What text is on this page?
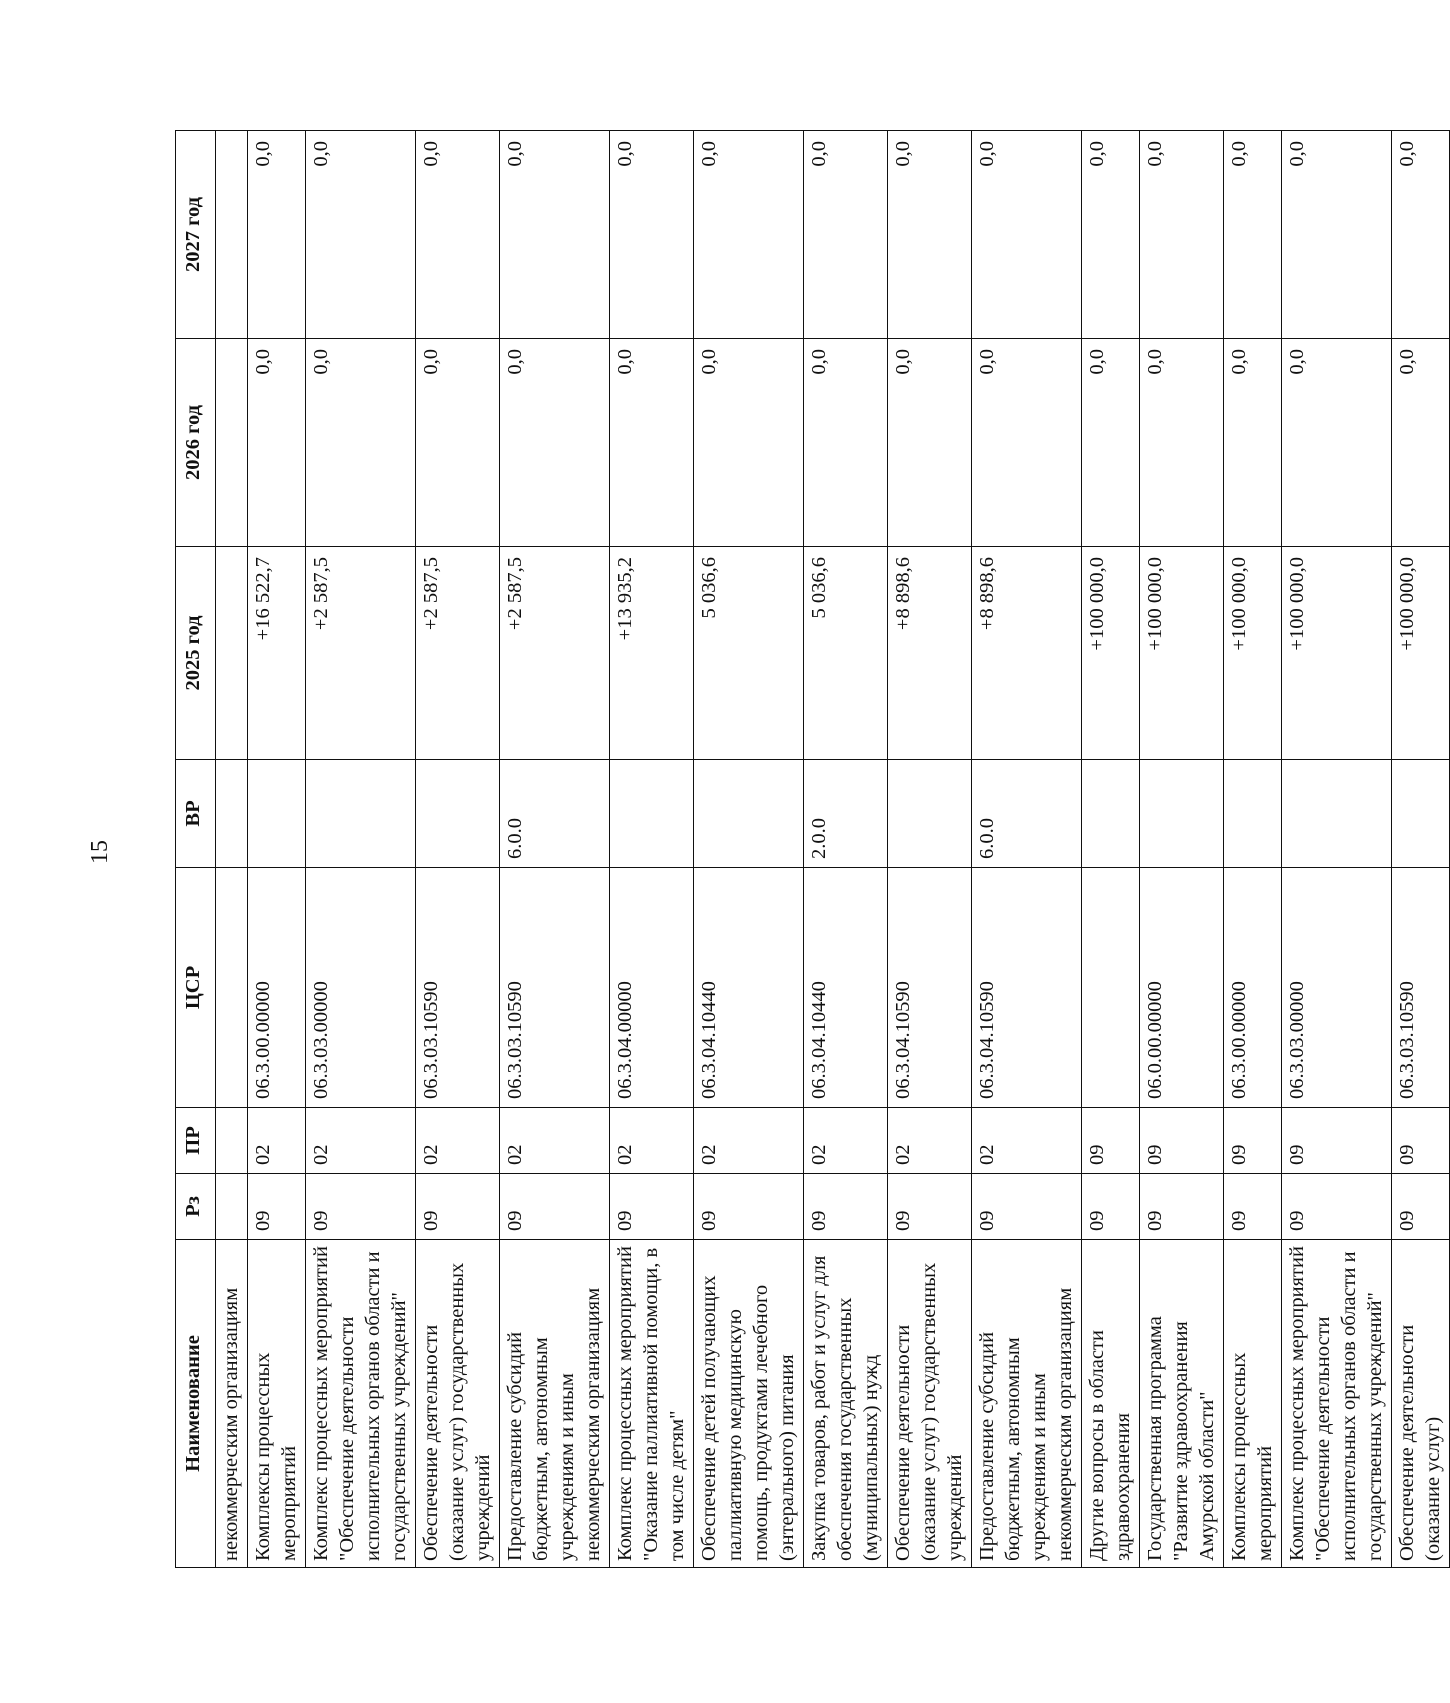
15
Наименование	Рз	ПР	ЦСР	ВР	2025 год	2026 год	2027 год
некоммерческим организациям							
Комплексы процессных мероприятий	09	02	06.3.00.00000		+16 522,7	0,0	0,0
Комплекс процессных мероприятий "Обеспечение деятельности исполнительных органов области и государственных учреждений"	09	02	06.3.03.00000		+2 587,5	0,0	0,0
Обеспечение деятельности (оказание услуг) государственных учреждений	09	02	06.3.03.10590		+2 587,5	0,0	0,0
Предоставление субсидий бюджетным, автономным учреждениям и иным некоммерческим организациям	09	02	06.3.03.10590	6.0.0	+2 587,5	0,0	0,0
Комплекс процессных мероприятий "Оказание паллиативной помощи, в том числе детям"	09	02	06.3.04.00000		+13 935,2	0,0	0,0
Обеспечение детей получающих паллиативную медицинскую помощь, продуктами лечебного (энтерального) питания	09	02	06.3.04.10440		5 036,6	0,0	0,0
Закупка товаров, работ и услуг для обеспечения государственных (муниципальных) нужд	09	02	06.3.04.10440	2.0.0	5 036,6	0,0	0,0
Обеспечение деятельности (оказание услуг) государственных учреждений	09	02	06.3.04.10590		+8 898,6	0,0	0,0
Предоставление субсидий бюджетным, автономным учреждениям и иным некоммерческим организациям	09	02	06.3.04.10590	6.0.0	+8 898,6	0,0	0,0
Другие вопросы в области здравоохранения	09	09			+100 000,0	0,0	0,0
Государственная программа "Развитие здравоохранения Амурской области"	09	09	06.0.00.00000		+100 000,0	0,0	0,0
Комплексы процессных мероприятий	09	09	06.3.00.00000		+100 000,0	0,0	0,0
Комплекс процессных мероприятий "Обеспечение деятельности исполнительных органов области и государственных учреждений"	09	09	06.3.03.00000		+100 000,0	0,0	0,0
Обеспечение деятельности (оказание услуг)	09	09	06.3.03.10590		+100 000,0	0,0	0,0
